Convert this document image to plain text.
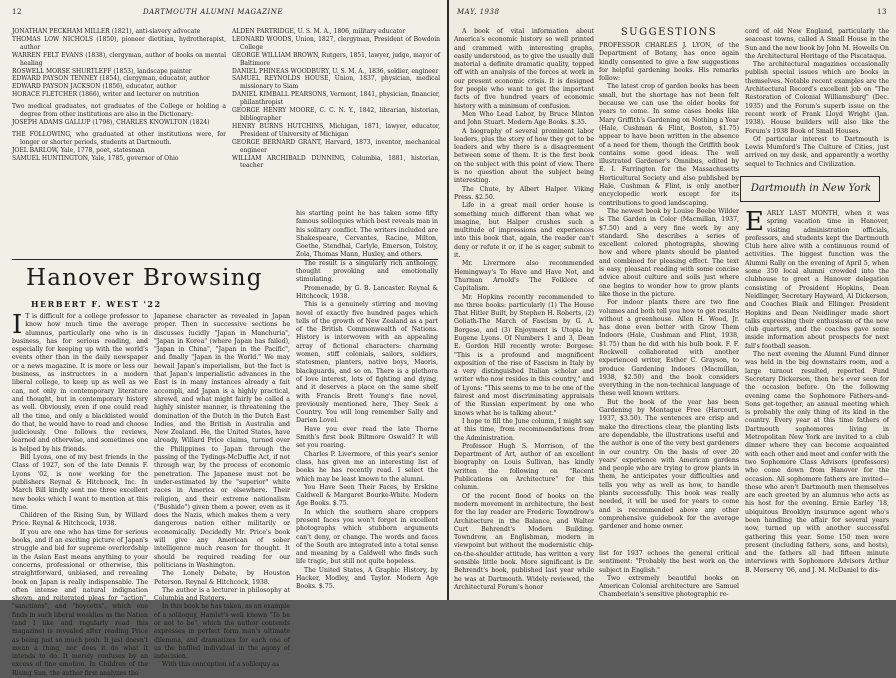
12	DARTMOUTH ALUMNI MAGAZINE
JONATHAN PECKHAM MILLER (1821), anti-slavery advocate
THOMAS LOW NICHOLS (1850), pioneer dietitian, hydrotherapist, author
WARREN FELT EVANS (1838), clergyman, author of books on mental healing
ROSWELL MORSE SHURTLEFF (1853), landscape painter
EDWARD PAYSON TENNEY (1854), clergyman, educator, author
EDWARD PAYSON JACKSON (1856), educator, author
HORACE FLETCHER (1866), writer and lecturer on nutrition
Two medical graduates, not graduates of the College or holding a degree from other institutions are also in the Dictionary:
JOSEPH ADAMS GALLUP (1798), CHARLES KNOWLTON (1824)
THE FOLLOWING, who graduated at other institutions were, for longer or shorter periods, students at Dartmouth.
JOEL BARLOW, Yale, 1778, poet, statesman
SAMUEL HUNTINGTON, Yale, 1785, governor of Ohio
ALDEN PARTRIDGE, U. S. M. A., 1806, military educator
LEONARD WOODS, Union, 1827, clergyman, President of Bowdoin College
GEORGE WILLIAM BROWN, Rutgers, 1851, lawyer, judge, mayor of Baltimore
DANIEL PHINEAS WOODBURY, U. S. M. A., 1836, soldier, engineer
SAMUEL REYNOLDS HOUSE, Union, 1837, physician, medical missionary to Siam
DANIEL KIMBALL PEARSONS, Vermont, 1841, physician, financier, philanthropist
GEORGE HENRY MOORE, C. C. N. Y., 1842, librarian, historian, bibliographer
HENRY BURNS HUTCHINS, Michigan, 1871, lawyer, educator, President of University of Michigan
GEORGE BERNARD GRANT, Harvard, 1873, inventor, mechanical engineer
WILLIAM ARCHIBALD DUNNING, Columbia, 1881, historian, teacher
Hanover Browsing
HERBERT F. WEST '22

I T is difficult for a college professor to know how much time the average alumnus, particularly one who is in business, has for serious reading, and especially for keeping up with the world's events other than in the daily newspaper or a news magazine. It is more or less our business, as instructors in a modern liberal college, to keep up as well as we can, not only in contemporary literature and thought, but in contemporary history as well. Obviously, even if one could read all the time, and only a blacklisted would do that, he would have to read and choose judiciously. One follows the reviews, learned and otherwise, and sometimes one is helped by his friends.

Bill Lyons, one of my best friends in the Class of 1927, son of the late Dennis F. Lyons '02, is now working for the publishers Reynal & Hitchcock, Inc. In March Bill kindly sent me three excellent new books which I want to mention at this time.

Children of the Rising Sun, by Willard Price. Reynal & Hitchcock, 1938.

If you are one who has time for serious books, and if an exciting picture of Japan's struggle and bid for supreme overlordship in the Asian East means anything to your concerns, professional or otherwise, this straightforward, unbiased, and revealing book on Japan is really indispensable. The often intense and natural indignation shown, and reiterated pleas for "action", "sanctions", and "boycotts", which one finds in such liberal weeklies as the Nation (and I like and regularly read this magazine) is revealed after reading Price as being just so much posh. It just doesn't mean a thing, nor does it do what it intends to do. It merely confuses by an excess of fine emotion. In Children of the Rising Sun, the author first analyzes the

Japanese character as revealed in Japan proper. Then in successive sections he discusses lucidly "Japan in Manchuria", "Japan in Korea" (where Japan has failed), "Japan in China", "Japan in the Pacific", and finally "Japan in the World." We may bewail Japan's imperialism, but the fact is that Japan's imperialistic advances in the East is in many instances already a fait accompli, and Japan is a highly practical, shrewd, and what might fairly be called a highly sinister manner, is threatening the domination of the Dutch in the Dutch East Indies, and the British in Australia and New Zealand. He, the United States, have already, Willard Price claims, turned over the Philippines to Japan through the passing of the Tydings-McDuffie Act, if not through war, by the process of economic penetration. The Japanese must not be under-estimated by the "superior" white races in America or elsewhere. Their religion, and their extreme nationalism ("Bushido") given them a power, even as it does the Nazis, which makes them a very dangerous nation either militarily or economically. Decidedly Mr. Price's book will give any American of sober intelligence much reason for thought. It should be required reading for our politicians in Washington.

The Lonely Debate, by Houston Peterson. Reynal & Hitchcock, 1938.

The author is a lecturer in philosophy at Columbia and Rutgers.

In this book he has taken, as an example of a soliloquy, Hamlet's well known "To be or not to be", which the author contends expresses in perfect form man's ultimate dilemma, and dramatizes for each one of us the baffled individual in the agony of indecision.

With this conception of a soliloquy as

his starting point he has taken some fifty famous soliloquies which best reveals man in his solitary conflict. The writers included are Shakespeare, Cervantes, Racine, Milton, Goethe, Stendhal, Carlyle, Emerson, Tolstoy, Zola, Thomas Mann, Huxley, and others.

The result is a singularly rich anthology, thought provoking and emotionally stimulating.

Promenade, by G. B. Lancaster. Reynal & Hitchcock, 1938.

This is a genuinely stirring and moving novel of exactly five hundred pages which tells of the growth of New Zealand as a part of the British Commonwealth of Nations. History is interwoven with an appealing array of fictional characters: charming women, stiff colonials, sailors, soldiers, statesmen, planters, native boys, Maoris, blackguards, and so on. There is a plethora of love interest, lots of fighting and dying, and it deserves a place on the same shelf with Francis Brett Young's fine novel, previously mentioned here, They Seek a Country. You will long remember Sally and Darien Lovel.

Have you ever read the late Thorne Smith's first book Biltmore Oswald? It will set you roaring.

Charles P. Livermore, of this year's senior class, has given me an interesting list of books he has recently read. I select the which may be least known to the alumni.

You Have Seen Their Faces, by Erskine Caldwell & Margaret Bourke-White. Modern Age Books. $.75.

In which the southern share croppers present faces you won't forget in excellent photographs which stubborn arguments can't deny, or change. The words and faces of the South are integrated into a total sense and meaning by a Caldwell who finds such life tragic, but still not quite hopeless.

The United States, A Graphic History, by Hacker, Modley, and Taylor. Modern Age Books. $.75.

MAY, 1938	13

A book of vital information about America's economic history so well printed and crammed with interesting graphs, easily understood, as to give the usually dull material a definite dramatic quality, topped off with an analysis of the forces at work in our present economic crisis. It is designed for people who want to get the important facts of five hundred years of economic history with a minimum of confusion.

Men Who Lead Labor, by Bruce Minton and John Stuart. Modern Age Books. $.35.

A biography of several prominent labor leaders, plus the story of how they got to be leaders and why there is a disagreement between some of them. It is the first book on the subject with this point of view. There is no question about the subject being interesting.

The Chute, by Albert Halper. Viking Press. $2.50.

Life in a great mail order house is something much different than what we imagine, but Halper crushes such a multitude of impressions and experiences into this book that, again, the reader can't deny or refute it or, if he is eager, submit to it.

Mr. Livermore also recommended Hemingway's To Have and Have Not, and Thurman Arnold's The Folklore of Capitalism.

Mr. Hopkins recently recommended to me three books: particularly (1) The House That Hitler Built, by Stephen H. Roberts, (2) Goliath-The March of Fascism by G. A. Borgese, and (3) Enjoyment is Utopia by Eugene Lyons. Of Numbers 1 and 3, Dean E. Gordon Hill recently wrote: Borgese: "This is a profound and magnificent exposition of the rise of Fascism in Italy by a very distinguished Italian scholar and writer who now resides in this country," and of Lyons: "This seems to me to be one of the fairest and most discriminating appraisals of the Russian experiment by one who knows what he is talking about."

I hope to fill the June column, I might say at this time, from recommendations from the Administration.

Professor Hugh S. Morrison, of the Department of Art, author of an excellent biography on Louis Sullivan, has kindly written the following on "Recent Publications on Architecture" for this column.

Of the recent flood of books on the modern movement in architecture, the best for the lay reader are Frederic Towndrow's Architecture in the Balance, and Walter Curt Behrendt's Modern Building. Towndrow, an Englishman, modern in viewpoint but without the modernistic chip-on-the-shoulder attitude, has written a very sensible little book. More significant is Dr. Behrendt's book, published last year while he was at Dartmouth. Widely reviewed, the Architectural Forum's honor

SUGGESTIONS

PROFESSOR CHARLES J. LYON, of the Department of Botany, has once again kindly consented to give a few suggestions for helpful gardening books. His remarks follow:

The latest crop of garden books has been small, but the shortage has not been felt because we can use the older books for years to come. In some cases books like Mary Griffith's Gardening on Nothing a Year (Hale, Cushman & Flint, Boston, $1.75) appear to have been written in the absence of a need for them, though the Griffith book contains some good ideas. The well illustrated Gardener's Omnibus, edited by E. I. Farrington for the Massachusetts Horticultural Society and also published by Hale, Cushman & Flint, is only another encyclopedic work except for its contributions to good landscaping.

The newest book by Louise Beebe Wilder is The Garden in Color (Macmillan, 1937, $7.50) and a very fine work by any standard. She describes a series of excellent colored photographs, showing how and where plants should be planted and combined for pleasing effect. The text is easy, pleasant reading with some concise advice about culture and soils just where one begins to wonder how to grow plants like those in the picture.

For indoor plants there are two fine volumes and both tell you how to get results without a greenhouse. Allen H. Wood, Jr. has done even better with Grow Them Indoors (Hale, Cushman and Flint, 1938, $1.75) than he did with his bulb book. F. F. Rockwell collaborated with another experienced writer, Esther C. Grayson, to produce Gardening Indoors (Macmillan, 1938, $2.50) and the book considers everything in the non-technical language of these well known writers.

But the book of the year has been Gardening by Montague Free (Harcourt, 1937, $3.50). The sentences are crisp and make the directions clear, the planting lists are dependable, the illustrations useful and the author is one of the very best gardeners in our country. On the basis of over 20 years' experience with American gardens and people who are trying to grow plants in them, he anticipates your difficulties and tells you why as well as how, to handle plants successfully. This book was really needed, it will be used for years to come and is recommended above any other comprehensive guidebook for the average gardener and home owner.

list for 1937 echoes the general critical sentiment: "Probably the best work on the subject in English."

Two extremely beautiful books on American Colonial architecture are Samuel Chamberlain's sensitive photographic re-

cord of old New England, particularly the seacoast towns, called A Small House in the Sun and the new book by John M. Howells On the Architectural Heritage of the Piscataqua.

The architectural magazines occasionally publish special issues which are books in themselves. Notable recent examples are the Architectural Record's excellent job on "The Restoration of Colonial Williamsburg" (Dec. 1935) and the Forum's superb issue on the recent work of Frank Lloyd Wright (Jan. 1938). House builders will also like the Forum's 1938 Book of Small Houses.

Of particular interest to Dartmouth is Lewis Mumford's The Culture of Cities, just arrived on my desk, and apparently a worthy sequel to Technics and Civilization.

Dartmouth in New York

EARLY LAST MONTH, when it was spring vacation time in Hanover, visiting administration officials, professors, and students kept the Dartmouth Club here alive with a continuous round of activities. The biggest function was the Alumni Rally on the evening of April 5, when some 350 local alumni crowded into the clubhouse to greet a Hanover delegation consisting of President Hopkins, Dean Neidlinger, Secretary Hayward, Al Dickerson, and Coaches Blaik and Ellinger. President Hopkins and Dean Neidlinger made short talks expressing their enthusiasm of the new club quarters, and the coaches gave some inside information about prospects for next fall's football season.

The next evening the Alumni Fund dinner was held in the big downstairs room, and a large turnout resulted, reported Fund Secretary Dickerson, then he's ever seen for the occasion before. On the following evening came the Sophomore Fathers-and-Sons get-together, an annual meeting which is probably the only thing of its kind in the country. Every year at this time fathers of Dartmouth sophomores living in Metropolitan New York are invited to a club dinner where they can become acquainted with each other and meet and confer with the two Sophomore Class Advisors (professors) who come down from Hanover for the occasion. All sophomore fathers are invited—those who aren't Dartmouth men themselves are each greeted by an alumnus who acts as his host for the evening. Ernie Earley '18, ubiquitous Brooklyn insurance agent who's been handling the affair for several years now, turned up with another successful gathering this year. Some 150 men were present (including fathers, sons, and hosts), and the fathers all had fifteen minute interviews with Sophomore Advisors Arthur B. Merservy '06, and J. M. McDaniel to dis-
